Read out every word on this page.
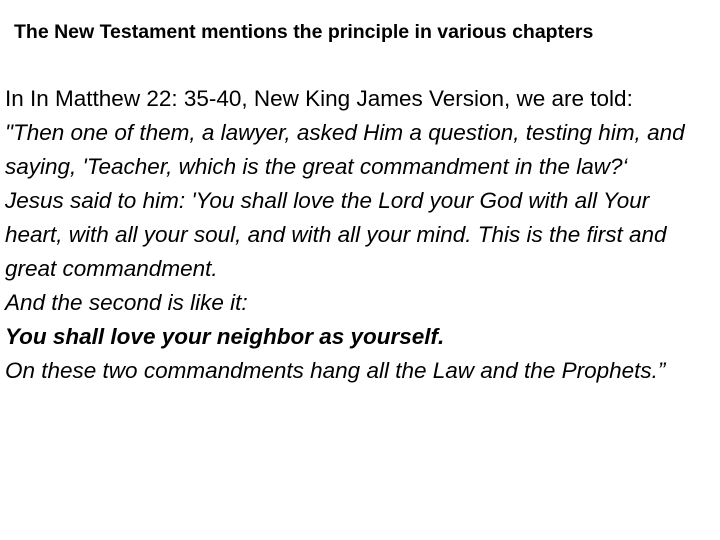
The New Testament mentions the principle in various chapters

In In Matthew 22: 35-40, New King James Version, we are told:

"Then one of them, a lawyer, asked Him a question, testing him, and saying, 'Teacher, which is the great commandment in the law?‘

Jesus said to him: 'You shall love the Lord your God with all Your heart, with all your soul, and with all your mind. This is the first and great commandment.

And the second is like it:

You shall love your neighbor as yourself.

On these two commandments hang all the Law and the Prophets.”
